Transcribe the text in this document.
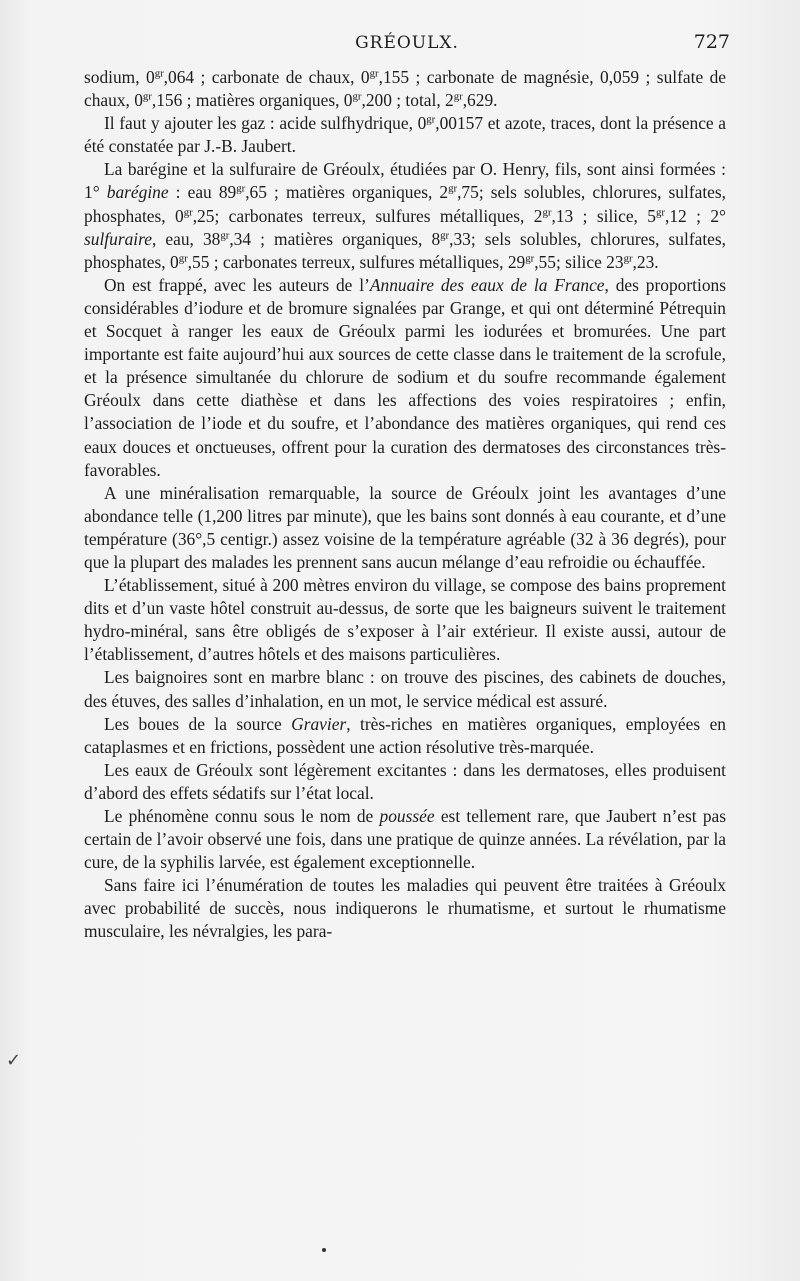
GRÉOULX.	727

sodium, $0^{gr},064$ ; carbonate de chaux, $0^{gr},155$ ; carbonate de magnésie, 0,059 ; sulfate de chaux, $0^{gr},156$ ; matières organiques, $0^{gr},200$ ; total, $2^{gr},629$.

Il faut y ajouter les gaz : acide sulfhydrique, $0^{gr},00157$ et azote, traces, dont la présence a été constatée par J.-B. Jaubert.

La barégine et la sulfuraire de Gréoulx, étudiées par O. Henry, fils, sont ainsi formées : 1° barégine : eau $89^{gr},65$ ; matières organiques, $2^{gr},75$; sels solubles, chlorures, sulfates, phosphates, $0^{gr},25$; carbonates terreux, sulfures métalliques, $2^{gr},13$ ; silice, $5^{gr},12$ ; 2° sulfuraire, eau, $38^{gr},34$ ; matières organiques, $8^{gr},33$; sels solubles, chlorures, sulfates, phosphates, $0^{gr},55$ ; carbonates terreux, sulfures métalliques, $29^{gr},55$; silice $23^{gr},23$.

On est frappé, avec les auteurs de l’Annuaire des eaux de la France, des proportions considérables d’iodure et de bromure signalées par Grange, et qui ont déterminé Pétrequin et Socquet à ranger les eaux de Gréoulx parmi les iodurées et bromurées. Une part importante est faite aujourd’hui aux sources de cette classe dans le traitement de la scrofule, et la présence simultanée du chlorure de sodium et du soufre recommande également Gréoulx dans cette diathèse et dans les affections des voies respiratoires ; enfin, l’association de l’iode et du soufre, et l’abondance des matières organiques, qui rend ces eaux douces et onctueuses, offrent pour la curation des dermatoses des circonstances très-favorables.

A une minéralisation remarquable, la source de Gréoulx joint les avantages d’une abondance telle (1,200 litres par minute), que les bains sont donnés à eau courante, et d’une température (36°,5 centigr.) assez voisine de la température agréable (32 à 36 degrés), pour que la plupart des malades les prennent sans aucun mélange d’eau refroidie ou échauffée.

L’établissement, situé à 200 mètres environ du village, se compose des bains proprement dits et d’un vaste hôtel construit au-dessus, de sorte que les baigneurs suivent le traitement hydro-minéral, sans être obligés de s’exposer à l’air extérieur. Il existe aussi, autour de l’établissement, d’autres hôtels et des maisons particulières.

Les baignoires sont en marbre blanc : on trouve des piscines, des cabinets de douches, des étuves, des salles d’inhalation, en un mot, le service médical est assuré.

Les boues de la source Gravier, très-riches en matières organiques, employées en cataplasmes et en frictions, possèdent une action résolutive très-marquée.

Les eaux de Gréoulx sont légèrement excitantes : dans les dermatoses, elles produisent d’abord des effets sédatifs sur l’état local.

Le phénomène connu sous le nom de poussée est tellement rare, que Jaubert n’est pas certain de l’avoir observé une fois, dans une pratique de quinze années. La révélation, par la cure, de la syphilis larvée, est également exceptionnelle.

Sans faire ici l’énumération de toutes les maladies qui peuvent être traitées à Gréoulx avec probabilité de succès, nous indiquerons le rhumatisme, et surtout le rhumatisme musculaire, les névralgies, les para-

✓
